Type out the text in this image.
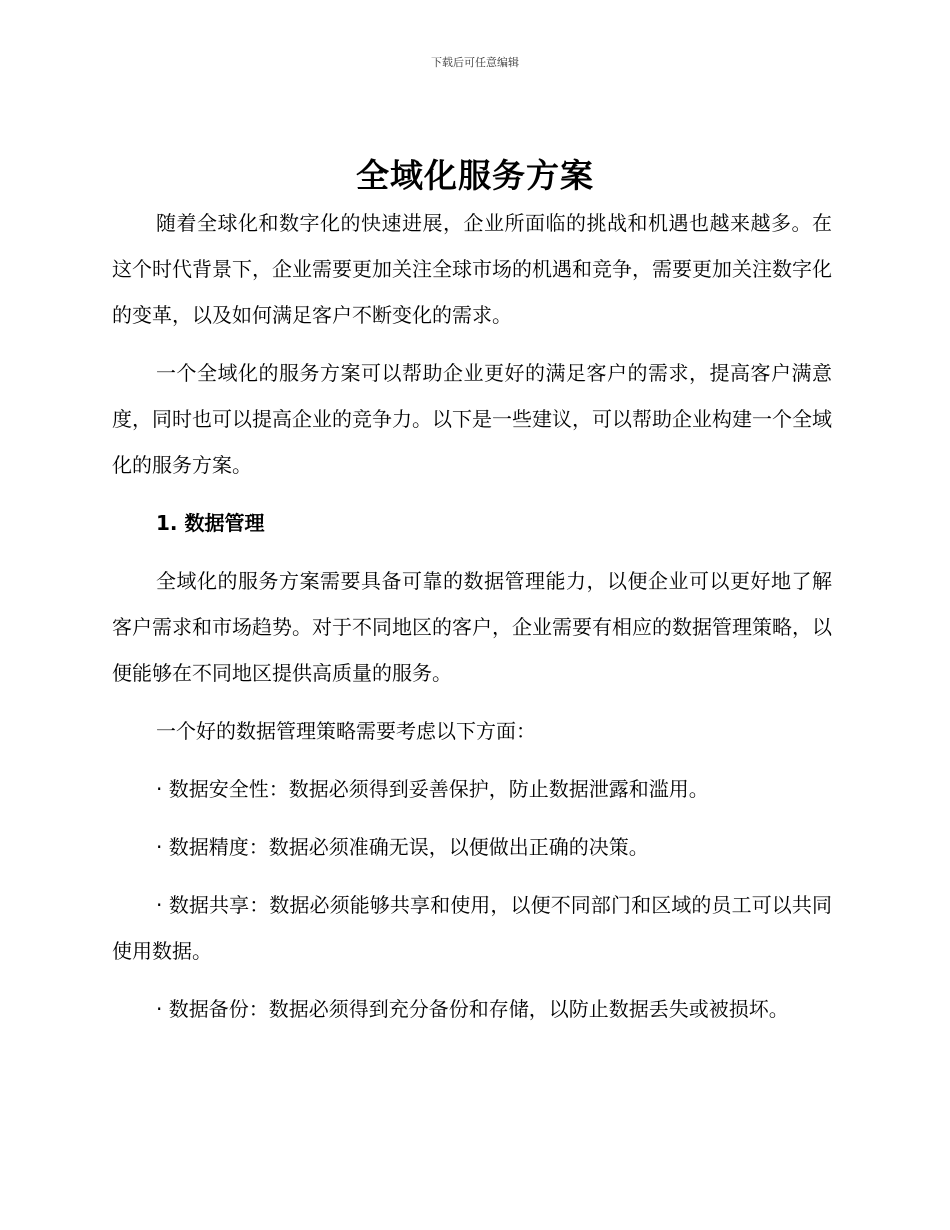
下载后可任意编辑
全域化服务方案

随着全球化和数字化的快速进展，企业所面临的挑战和机遇也越来越多。在这个时代背景下，企业需要更加关注全球市场的机遇和竞争，需要更加关注数字化的变革，以及如何满足客户不断变化的需求。

一个全域化的服务方案可以帮助企业更好的满足客户的需求，提高客户满意度，同时也可以提高企业的竞争力。以下是一些建议，可以帮助企业构建一个全域化的服务方案。

1. 数据管理

全域化的服务方案需要具备可靠的数据管理能力，以便企业可以更好地了解客户需求和市场趋势。对于不同地区的客户，企业需要有相应的数据管理策略，以便能够在不同地区提供高质量的服务。

一个好的数据管理策略需要考虑以下方面：

· 数据安全性：数据必须得到妥善保护，防止数据泄露和滥用。

· 数据精度：数据必须准确无误，以便做出正确的决策。

· 数据共享：数据必须能够共享和使用，以便不同部门和区域的员工可以共同使用数据。

· 数据备份：数据必须得到充分备份和存储，以防止数据丢失或被损坏。
